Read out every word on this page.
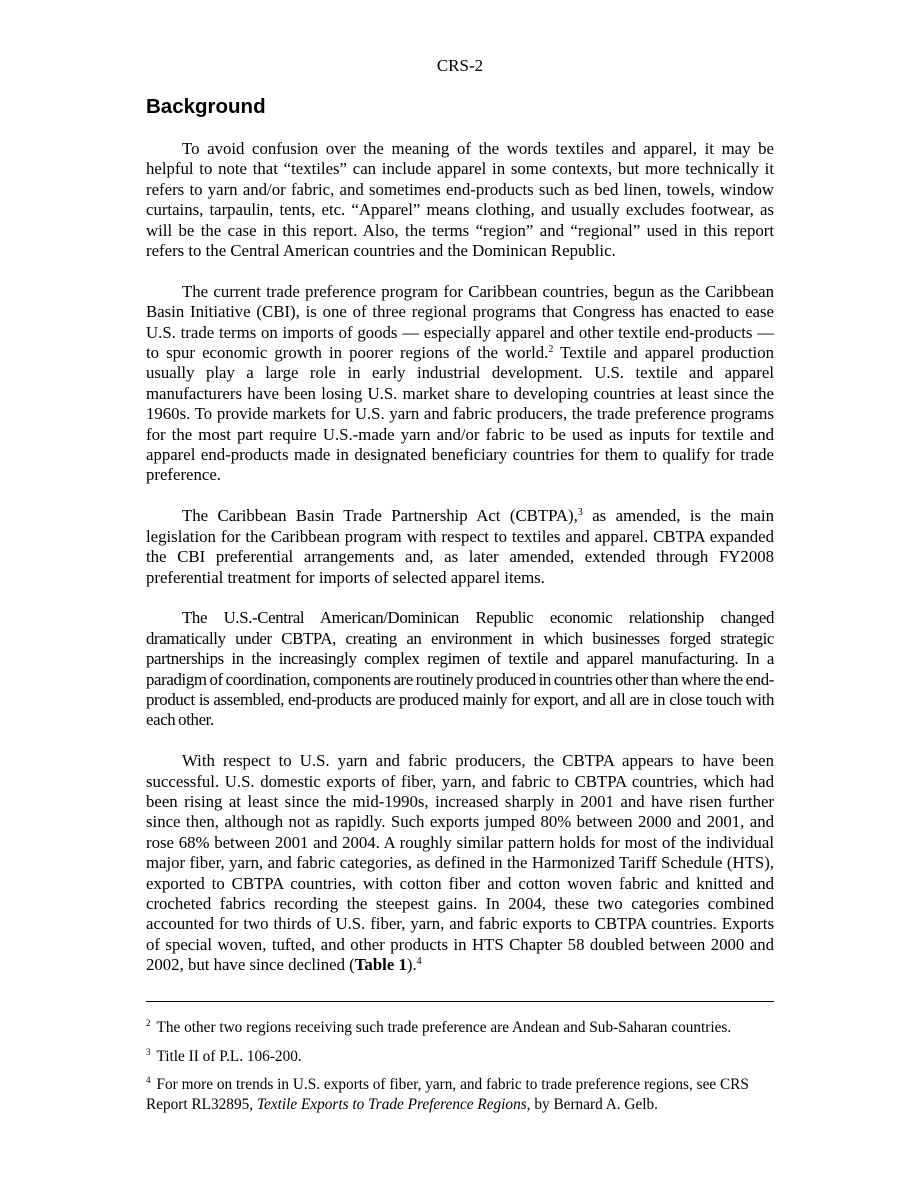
CRS-2
Background

To avoid confusion over the meaning of the words textiles and apparel, it may be helpful to note that “textiles” can include apparel in some contexts, but more technically it refers to yarn and/or fabric, and sometimes end-products such as bed linen, towels, window curtains, tarpaulin, tents, etc. “Apparel” means clothing, and usually excludes footwear, as will be the case in this report. Also, the terms “region” and “regional” used in this report refers to the Central American countries and the Dominican Republic.

The current trade preference program for Caribbean countries, begun as the Caribbean Basin Initiative (CBI), is one of three regional programs that Congress has enacted to ease U.S. trade terms on imports of goods — especially apparel and other textile end-products — to spur economic growth in poorer regions of the world.$^2$ Textile and apparel production usually play a large role in early industrial development. U.S. textile and apparel manufacturers have been losing U.S. market share to developing countries at least since the 1960s. To provide markets for U.S. yarn and fabric producers, the trade preference programs for the most part require U.S.-made yarn and/or fabric to be used as inputs for textile and apparel end-products made in designated beneficiary countries for them to qualify for trade preference.

The Caribbean Basin Trade Partnership Act (CBTPA),$^3$ as amended, is the main legislation for the Caribbean program with respect to textiles and apparel. CBTPA expanded the CBI preferential arrangements and, as later amended, extended through FY2008 preferential treatment for imports of selected apparel items.

The U.S.-Central American/Dominican Republic economic relationship changed dramatically under CBTPA, creating an environment in which businesses forged strategic partnerships in the increasingly complex regimen of textile and apparel manufacturing. In a paradigm of coordination, components are routinely produced in countries other than where the end-product is assembled, end-products are produced mainly for export, and all are in close touch with each other.

With respect to U.S. yarn and fabric producers, the CBTPA appears to have been successful. U.S. domestic exports of fiber, yarn, and fabric to CBTPA countries, which had been rising at least since the mid-1990s, increased sharply in 2001 and have risen further since then, although not as rapidly. Such exports jumped 80% between 2000 and 2001, and rose 68% between 2001 and 2004. A roughly similar pattern holds for most of the individual major fiber, yarn, and fabric categories, as defined in the Harmonized Tariff Schedule (HTS), exported to CBTPA countries, with cotton fiber and cotton woven fabric and knitted and crocheted fabrics recording the steepest gains. In 2004, these two categories combined accounted for two thirds of U.S. fiber, yarn, and fabric exports to CBTPA countries. Exports of special woven, tufted, and other products in HTS Chapter 58 doubled between 2000 and 2002, but have since declined (Table 1).$^4$

$^2$ The other two regions receiving such trade preference are Andean and Sub-Saharan countries.

$^3$ Title II of P.L. 106-200.

$^4$ For more on trends in U.S. exports of fiber, yarn, and fabric to trade preference regions, see CRS Report RL32895, Textile Exports to Trade Preference Regions, by Bernard A. Gelb.
